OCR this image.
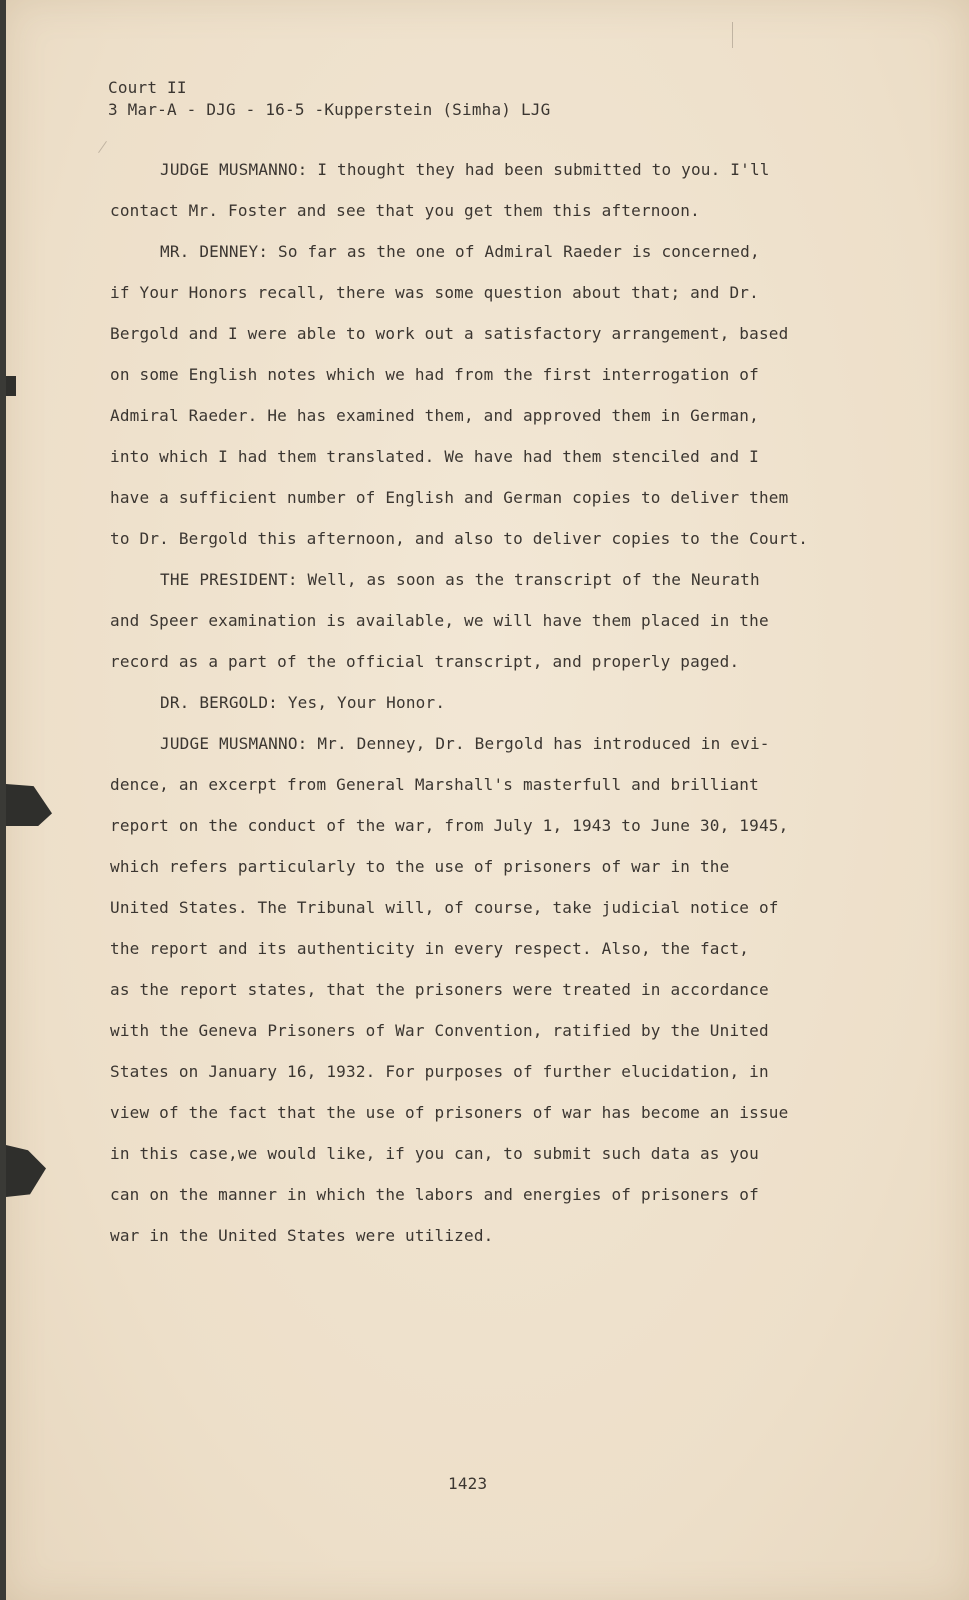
Court II
3 Mar-A - DJG - 16-5 -Kupperstein (Simha) LJG
JUDGE MUSMANNO: I thought they had been submitted to you. I'll
contact Mr. Foster and see that you get them this afternoon.
MR. DENNEY: So far as the one of Admiral Raeder is concerned,
if Your Honors recall, there was some question about that; and Dr.
Bergold and I were able to work out a satisfactory arrangement, based
on some English notes which we had from the first interrogation of
Admiral Raeder. He has examined them, and approved them in German,
into which I had them translated. We have had them stenciled and I
have a sufficient number of English and German copies to deliver them
to Dr. Bergold this afternoon, and also to deliver copies to the Court.
THE PRESIDENT: Well, as soon as the transcript of the Neurath
and Speer examination is available, we will have them placed in the
record as a part of the official transcript, and properly paged.
DR. BERGOLD: Yes, Your Honor.
JUDGE MUSMANNO: Mr. Denney, Dr. Bergold has introduced in evi-
dence, an excerpt from General Marshall's masterfull and brilliant
report on the conduct of the war, from July 1, 1943 to June 30, 1945,
which refers particularly to the use of prisoners of war in the
United States. The Tribunal will, of course, take judicial notice of
the report and its authenticity in every respect. Also, the fact,
as the report states, that the prisoners were treated in accordance
with the Geneva Prisoners of War Convention, ratified by the United
States on January 16, 1932. For purposes of further elucidation, in
view of the fact that the use of prisoners of war has become an issue
in this case,we would like, if you can, to submit such data as you
can on the manner in which the labors and energies of prisoners of
war in the United States were utilized.
1423
